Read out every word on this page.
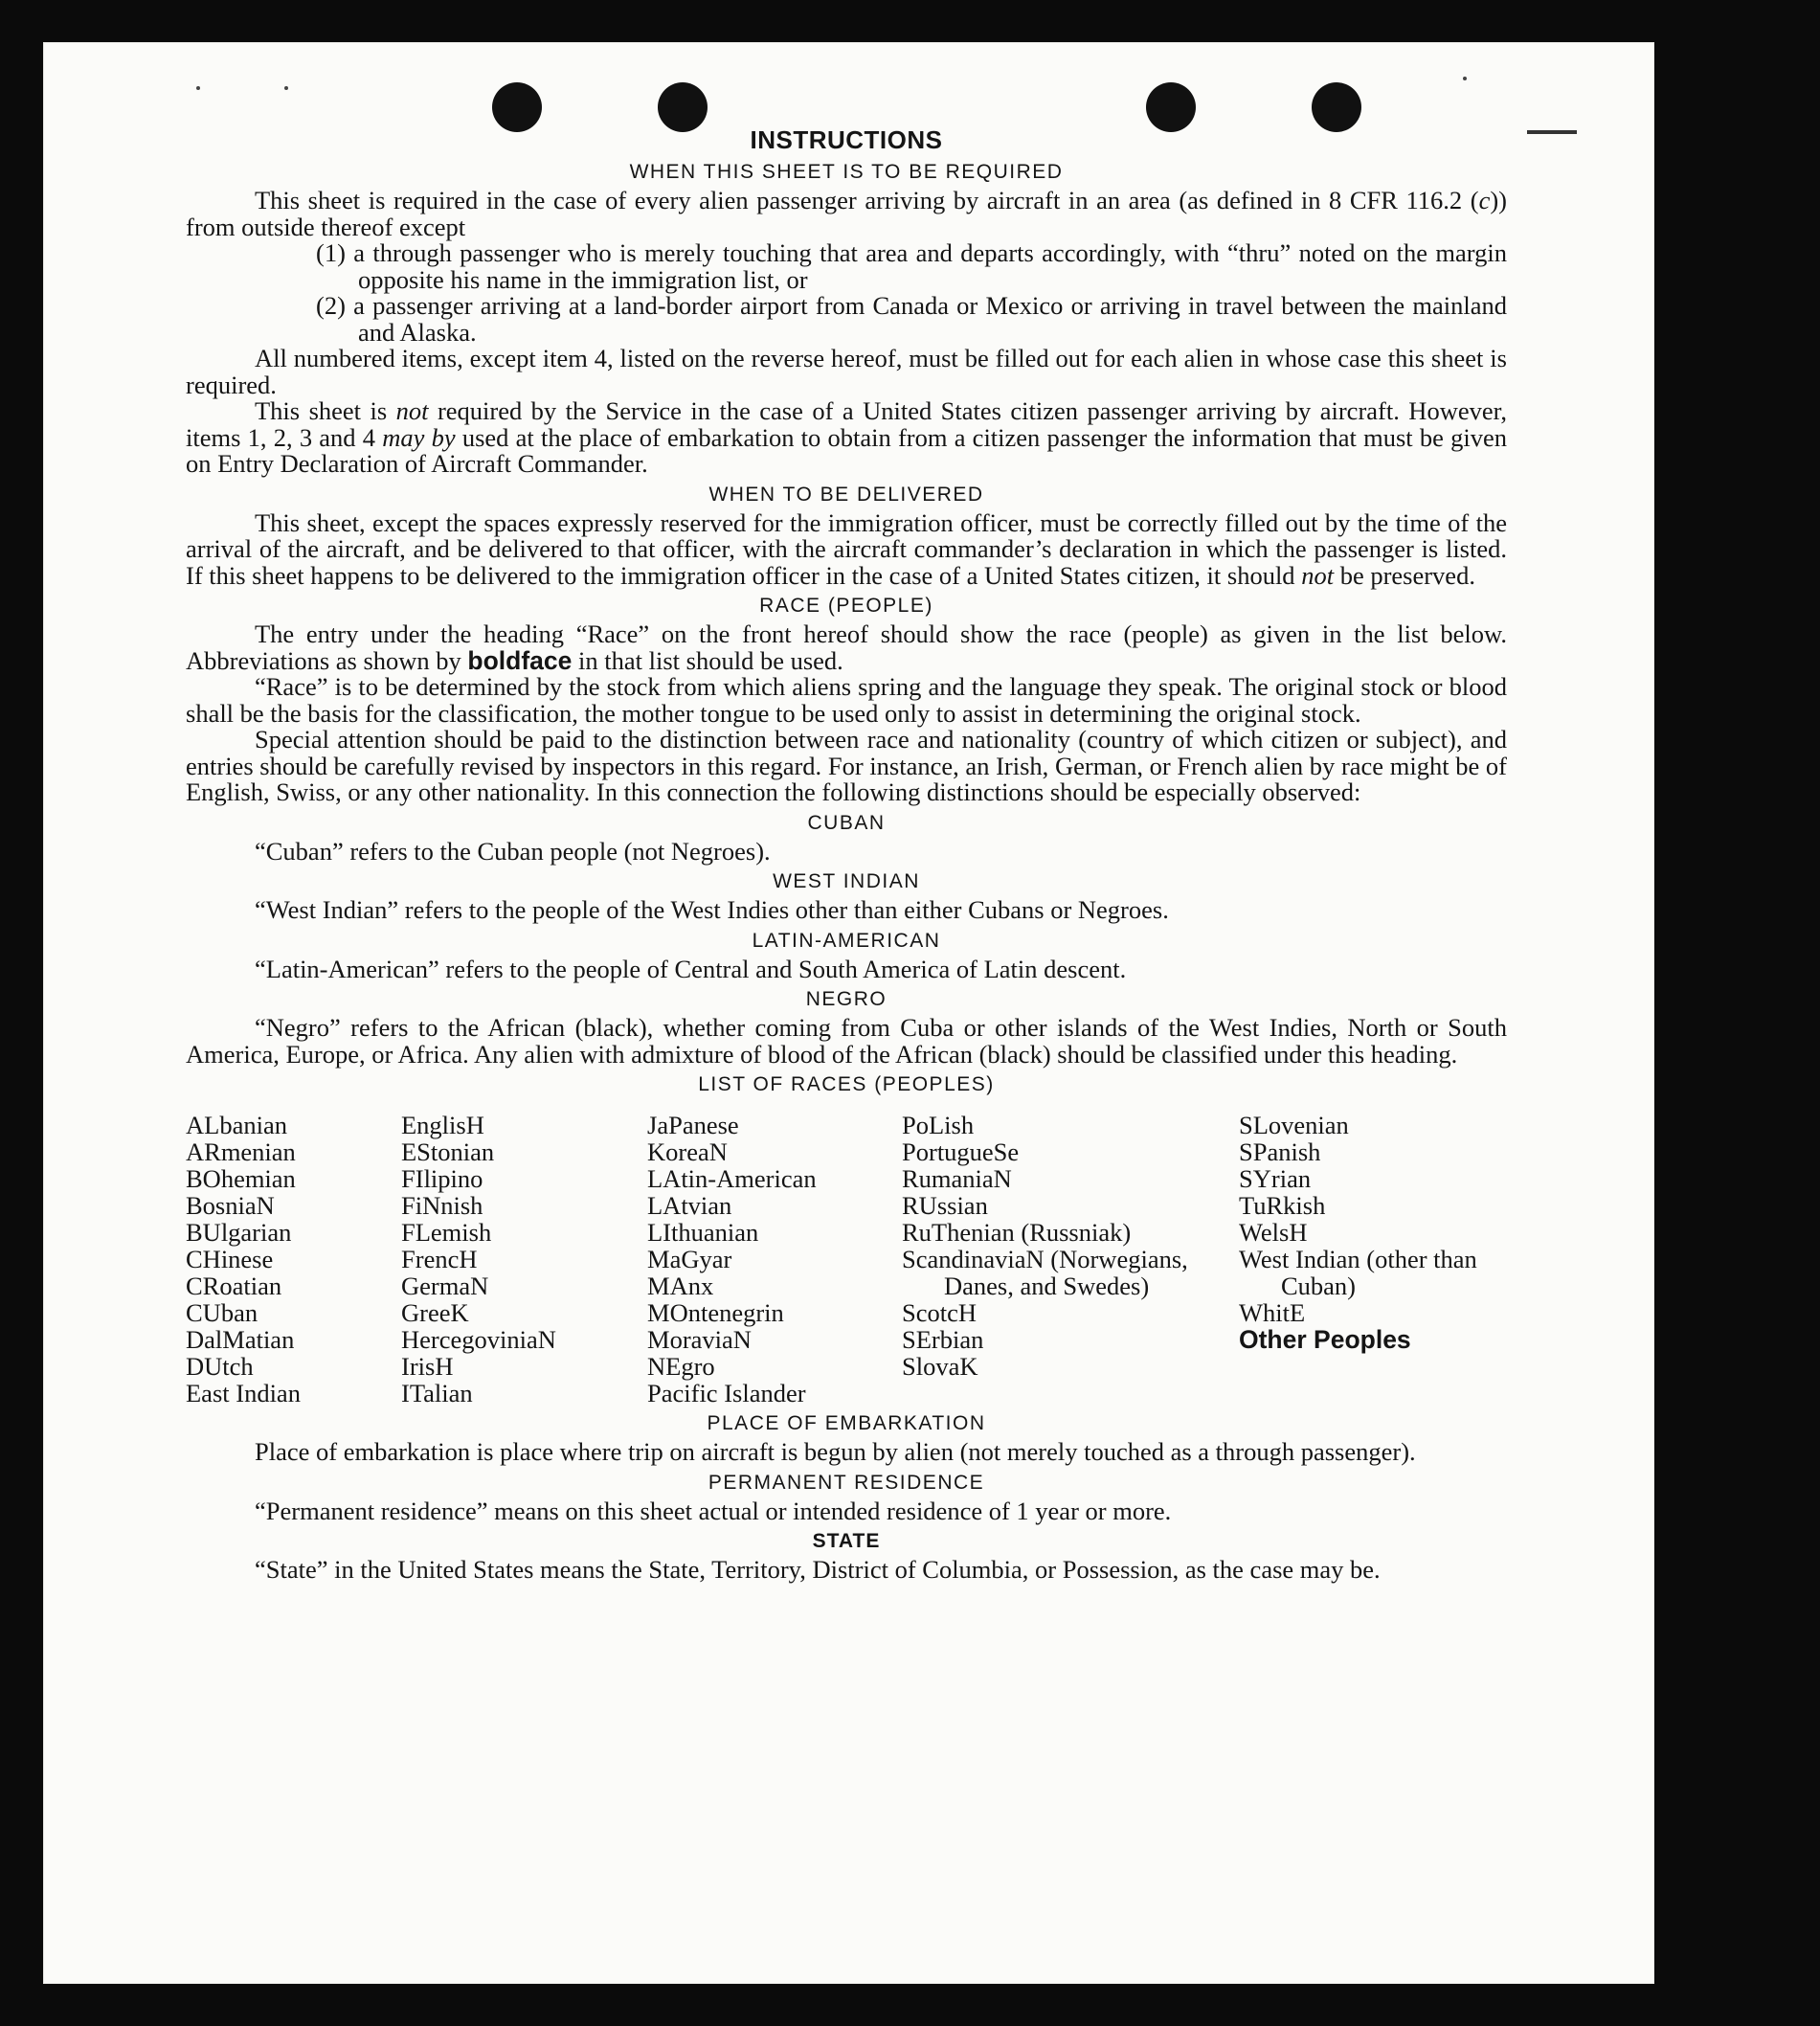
INSTRUCTIONS
WHEN THIS SHEET IS TO BE REQUIRED

This sheet is required in the case of every alien passenger arriving by aircraft in an area (as defined in 8 CFR 116.2 (c)) from outside thereof except

(1) a through passenger who is merely touching that area and departs accordingly, with “thru” noted on the margin opposite his name in the immigration list, or

(2) a passenger arriving at a land-border airport from Canada or Mexico or arriving in travel between the mainland and Alaska.

All numbered items, except item 4, listed on the reverse hereof, must be filled out for each alien in whose case this sheet is required.

This sheet is not required by the Service in the case of a United States citizen passenger arriving by aircraft. However, items 1, 2, 3 and 4 may by used at the place of embarkation to obtain from a citizen passenger the information that must be given on Entry Declaration of Aircraft Commander.

WHEN TO BE DELIVERED

This sheet, except the spaces expressly reserved for the immigration officer, must be correctly filled out by the time of the arrival of the aircraft, and be delivered to that officer, with the aircraft commander’s declaration in which the passenger is listed. If this sheet happens to be delivered to the immigration officer in the case of a United States citizen, it should not be preserved.

RACE (PEOPLE)

The entry under the heading “Race” on the front hereof should show the race (people) as given in the list below. Abbreviations as shown by boldface in that list should be used.

“Race” is to be determined by the stock from which aliens spring and the language they speak. The original stock or blood shall be the basis for the classification, the mother tongue to be used only to assist in determining the original stock.

Special attention should be paid to the distinction between race and nationality (country of which citizen or subject), and entries should be carefully revised by inspectors in this regard. For instance, an Irish, German, or French alien by race might be of English, Swiss, or any other nationality. In this connection the following distinctions should be especially observed:

CUBAN

“Cuban” refers to the Cuban people (not Negroes).

WEST INDIAN

“West Indian” refers to the people of the West Indies other than either Cubans or Negroes.

LATIN-AMERICAN

“Latin-American” refers to the people of Central and South America of Latin descent.

NEGRO

“Negro” refers to the African (black), whether coming from Cuba or other islands of the West Indies, North or South America, Europe, or Africa. Any alien with admixture of blood of the African (black) should be classified under this heading.

LIST OF RACES (PEOPLES)
ALbanian
ARmenian
BOhemian
BosniaN
BUlgarian
CHinese
CRoatian
CUban
DalMatian
DUtch
East Indian
EnglisH
EStonian
FIlipino
FiNnish
FLemish
FrencH
GermaN
GreeK
HercegoviniaN
IrisH
ITalian
JaPanese
KoreaN
LAtin-American
LAtvian
LIthuanian
MaGyar
MAnx
MOntenegrin
MoraviaN
NEgro
Pacific Islander
PoLish
PortugueSe
RumaniaN
RUssian
RuThenian (Russniak)
ScandinaviaN (Norwegians, Danes, and Swedes)
ScotcH
SErbian
SlovaK
SLovenian
SPanish
SYrian
TuRkish
WelsH
West Indian (other than Cuban)
WhitE
Other Peoples
PLACE OF EMBARKATION

Place of embarkation is place where trip on aircraft is begun by alien (not merely touched as a through passenger).

PERMANENT RESIDENCE

“Permanent residence” means on this sheet actual or intended residence of 1 year or more.

STATE

“State” in the United States means the State, Territory, District of Columbia, or Possession, as the case may be.
